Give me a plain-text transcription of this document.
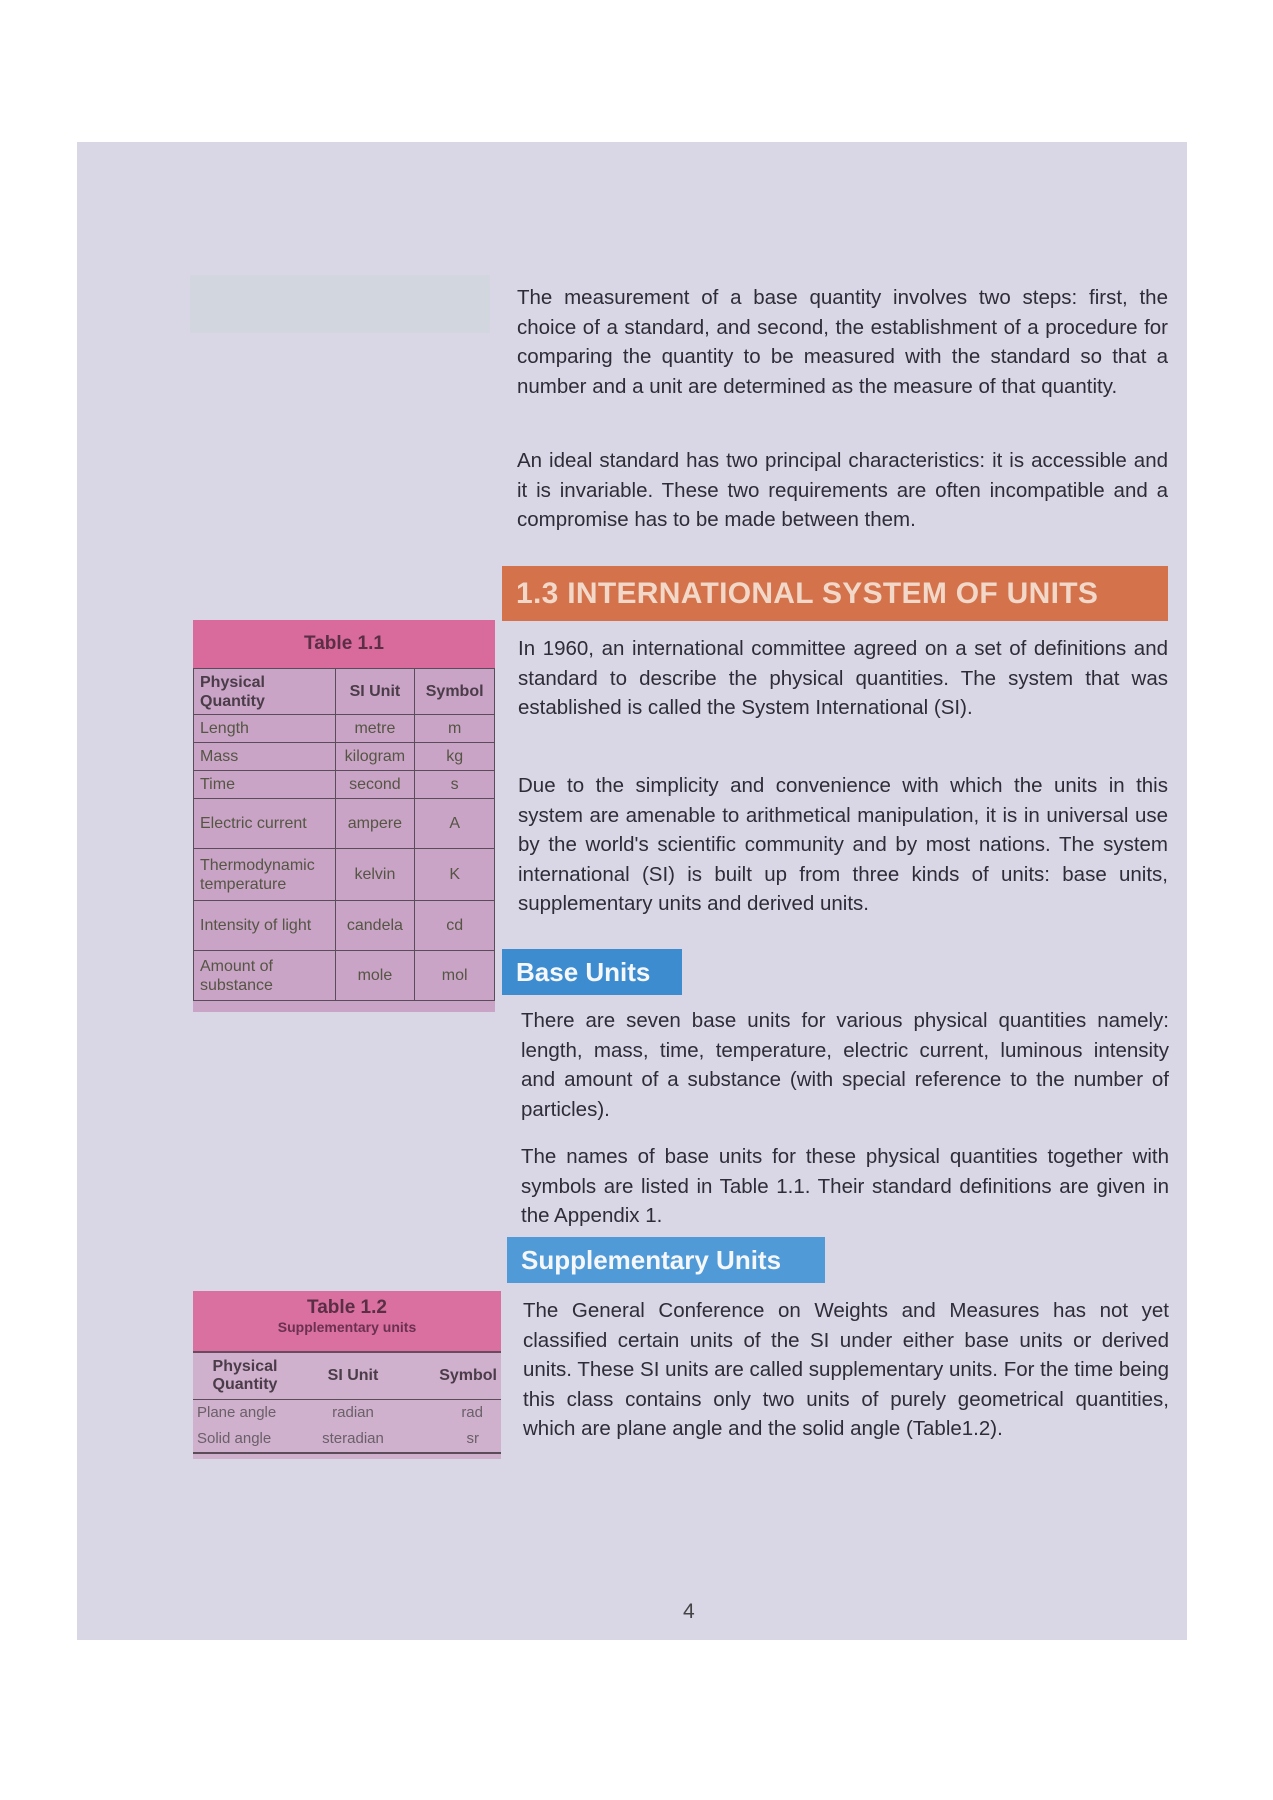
The measurement of a base quantity involves two steps: first, the choice of a standard, and second, the establishment of a procedure for comparing the quantity to be measured with the standard so that a number and a unit are determined as the measure of that quantity.

An ideal standard has two principal characteristics: it is accessible and it is invariable. These two requirements are often incompatible and a compromise has to be made between them.

1.3 INTERNATIONAL SYSTEM OF UNITS

In 1960, an international committee agreed on a set of definitions and standard to describe the physical quantities. The system that was established is called the System International (SI).

Due to the simplicity and convenience with which the units in this system are amenable to arithmetical manipulation, it is in universal use by the world's scientific community and by most nations. The system international (SI) is built up from three kinds of units: base units, supplementary units and derived units.

Base Units

There are seven base units for various physical quantities namely: length, mass, time, temperature, electric current, luminous intensity and amount of a substance (with special reference to the number of particles).

The names of base units for these physical quantities together with symbols are listed in Table 1.1. Their standard definitions are given in the Appendix 1.

Supplementary Units

The General Conference on Weights and Measures has not yet classified certain units of the SI under either base units or derived units. These SI units are called supplementary units. For the time being this class contains only two units of purely geometrical quantities, which are plane angle and the solid angle (Table1.2).

Table 1.1
Physical Quantity	SI Unit	Symbol
Length	metre	m
Mass	kilogram	kg
Time	second	s
Electric current	ampere	A
Thermodynamic temperature	kelvin	K
Intensity of light	candela	cd
Amount of substance	mole	mol
Table 1.2
Supplementary units
Physical Quantity	SI Unit	Symbol
Plane angle	radian	rad
Solid angle	steradian	sr
4
